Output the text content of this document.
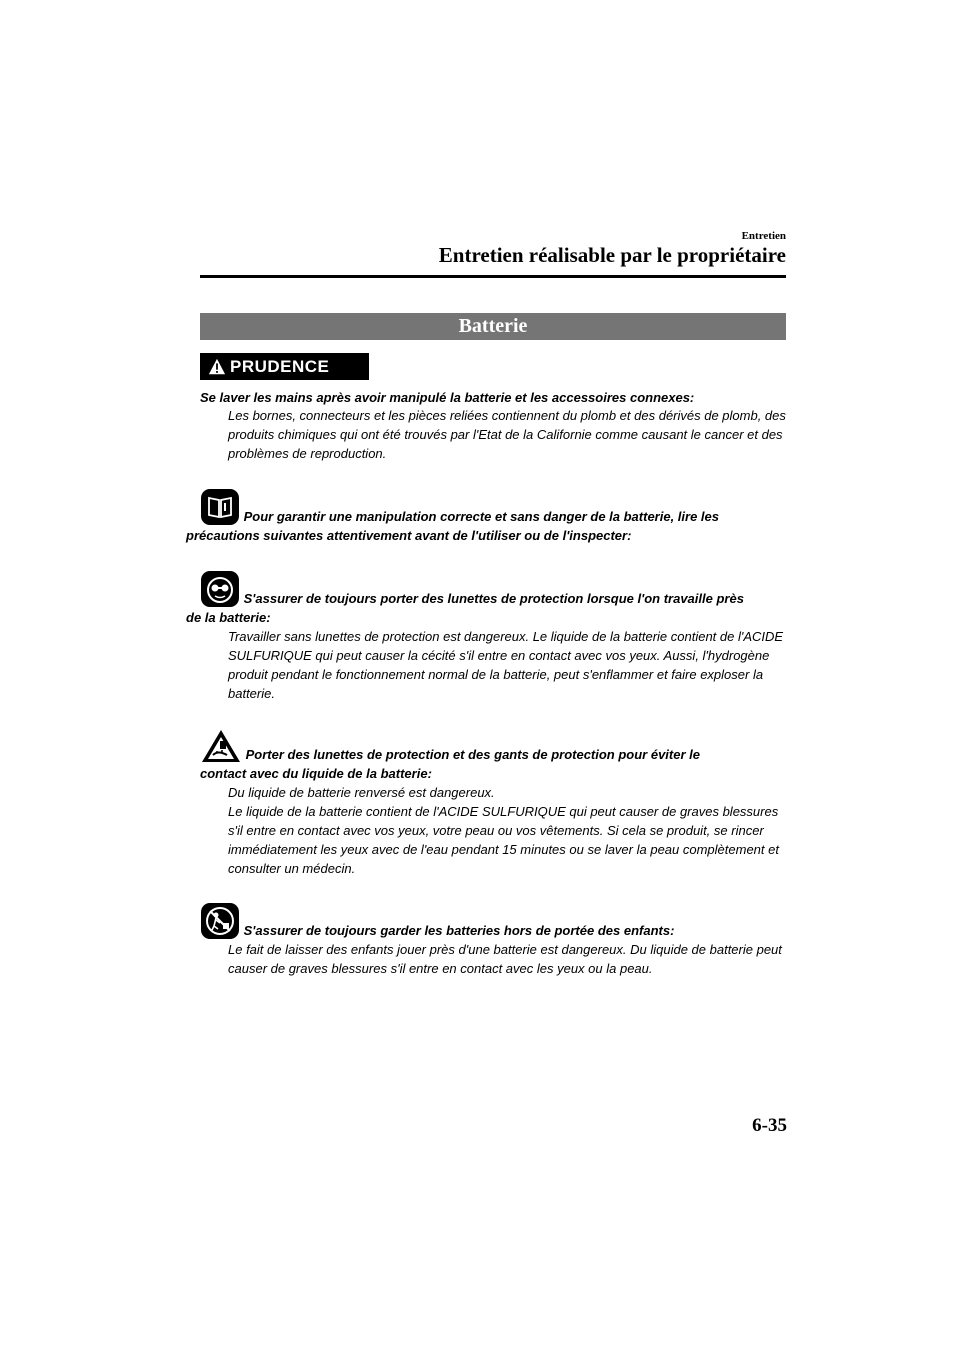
Entretien
Entretien réalisable par le propriétaire
Batterie
PRUDENCE
Se laver les mains après avoir manipulé la batterie et les accessoires connexes:
Les bornes, connecteurs et les pièces reliées contiennent du plomb et des dérivés de plomb, des produits chimiques qui ont été trouvés par l'Etat de la Californie comme causant le cancer et des problèmes de reproduction.
Pour garantir une manipulation correcte et sans danger de la batterie, lire les
précautions suivantes attentivement avant de l'utiliser ou de l'inspecter:
S'assurer de toujours porter des lunettes de protection lorsque l'on travaille près
de la batterie:
Travailler sans lunettes de protection est dangereux. Le liquide de la batterie contient de l'ACIDE SULFURIQUE qui peut causer la cécité s'il entre en contact avec vos yeux. Aussi, l'hydrogène produit pendant le fonctionnement normal de la batterie, peut s'enflammer et faire exploser la batterie.
Porter des lunettes de protection et des gants de protection pour éviter le
contact avec du liquide de la batterie:
Du liquide de batterie renversé est dangereux.
Le liquide de la batterie contient de l'ACIDE SULFURIQUE qui peut causer de graves blessures s'il entre en contact avec vos yeux, votre peau ou vos vêtements. Si cela se produit, se rincer immédiatement les yeux avec de l'eau pendant 15 minutes ou se laver la peau complètement et consulter un médecin.
S'assurer de toujours garder les batteries hors de portée des enfants:
Le fait de laisser des enfants jouer près d'une batterie est dangereux. Du liquide de batterie peut causer de graves blessures s'il entre en contact avec les yeux ou la peau.
6-35
